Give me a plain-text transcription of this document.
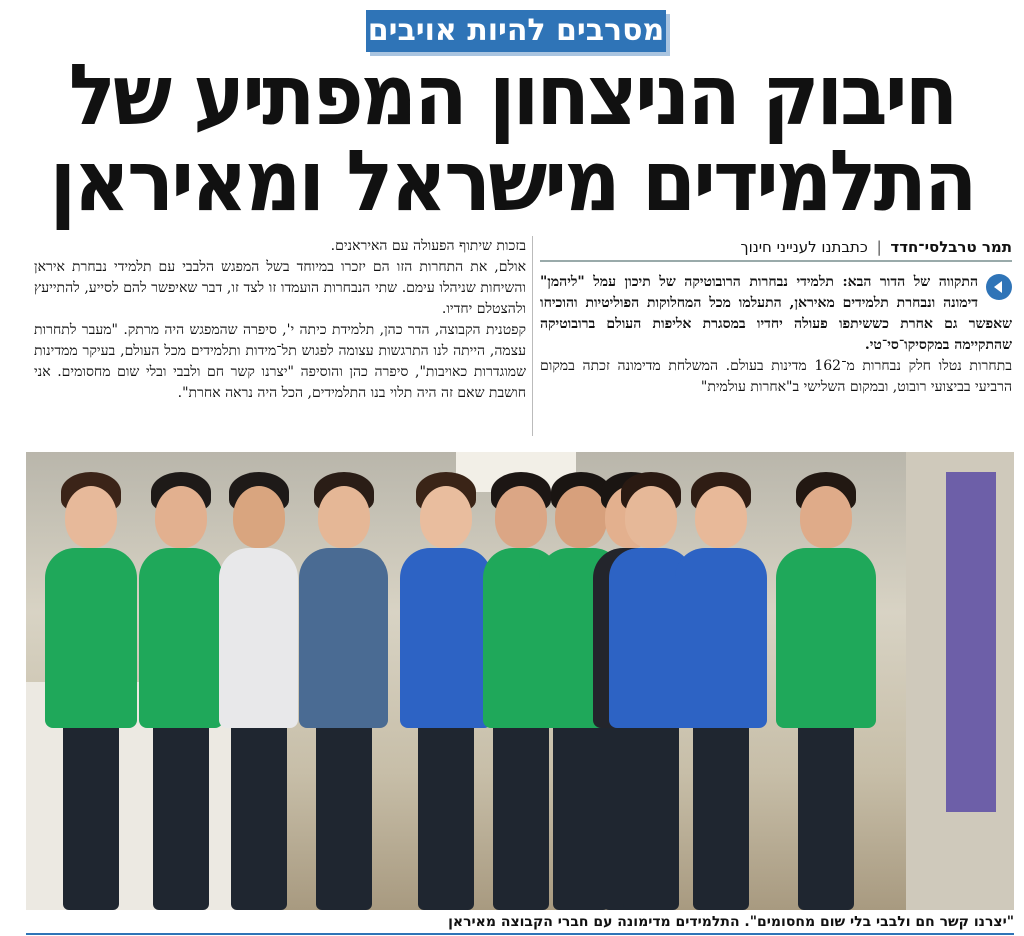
מסרבים להיות אויבים
חיבוק הניצחון המפתיע של
התלמידים מישראל ומאיראן
תמר טרבלסי־חדד | כתבתנו לענייני חינוך

התקווה של הדור הבא: תלמידי נבחרות הרובוטיקה של תיכון עמל "ליהמן" דימונה ונבחרת תלמידים מאיראן, התעלמו מכל המחלוקות הפוליטיות והוכיחו שאפשר גם אחרת כששיתפו פעולה יחדיו במסגרת אליפות העולם ברובוטיקה שהתקיימה במקסיקו־סי־טי.

בתחרות נטלו חלק נבחרות מ־162 מדינות בעולם. המשלחת מדימונה זכתה במקום הרביעי בביצועי רובוט, ובמקום השלישי ב"אחרות עולמית"

בזכות שיתוף הפעולה עם האיראנים.

אולם, את התחרות הזו הם יזכרו במיוחד בשל המפגש הלבבי עם תלמידי נבחרת איראן והשיחות שניהלו עימם. שתי הנבחרות הועמדו זו לצד זו, דבר שאיפשר להם לסייע, להתייעץ ולהצטלם יחדיו.

קפטנית הקבוצה, הדר כהן, תלמידת כיתה י', סיפרה שהמפגש היה מרתק. "מעבר לתחרות עצמה, הייתה לנו התרגשות עצומה לפגוש תל־מידות ותלמידים מכל העולם, בעיקר ממדינות שמוגדרות כאויבות", סיפרה כהן והוסיפה "יצרנו קשר חם ולבבי ובלי שום מחסומים. אני חושבת שאם זה היה תלוי בנו התלמידים, הכל היה נראה אחרת".

"יצרנו קשר חם ולבבי בלי שום מחסומים". התלמידים מדימונה עם חברי הקבוצה מאיראן
